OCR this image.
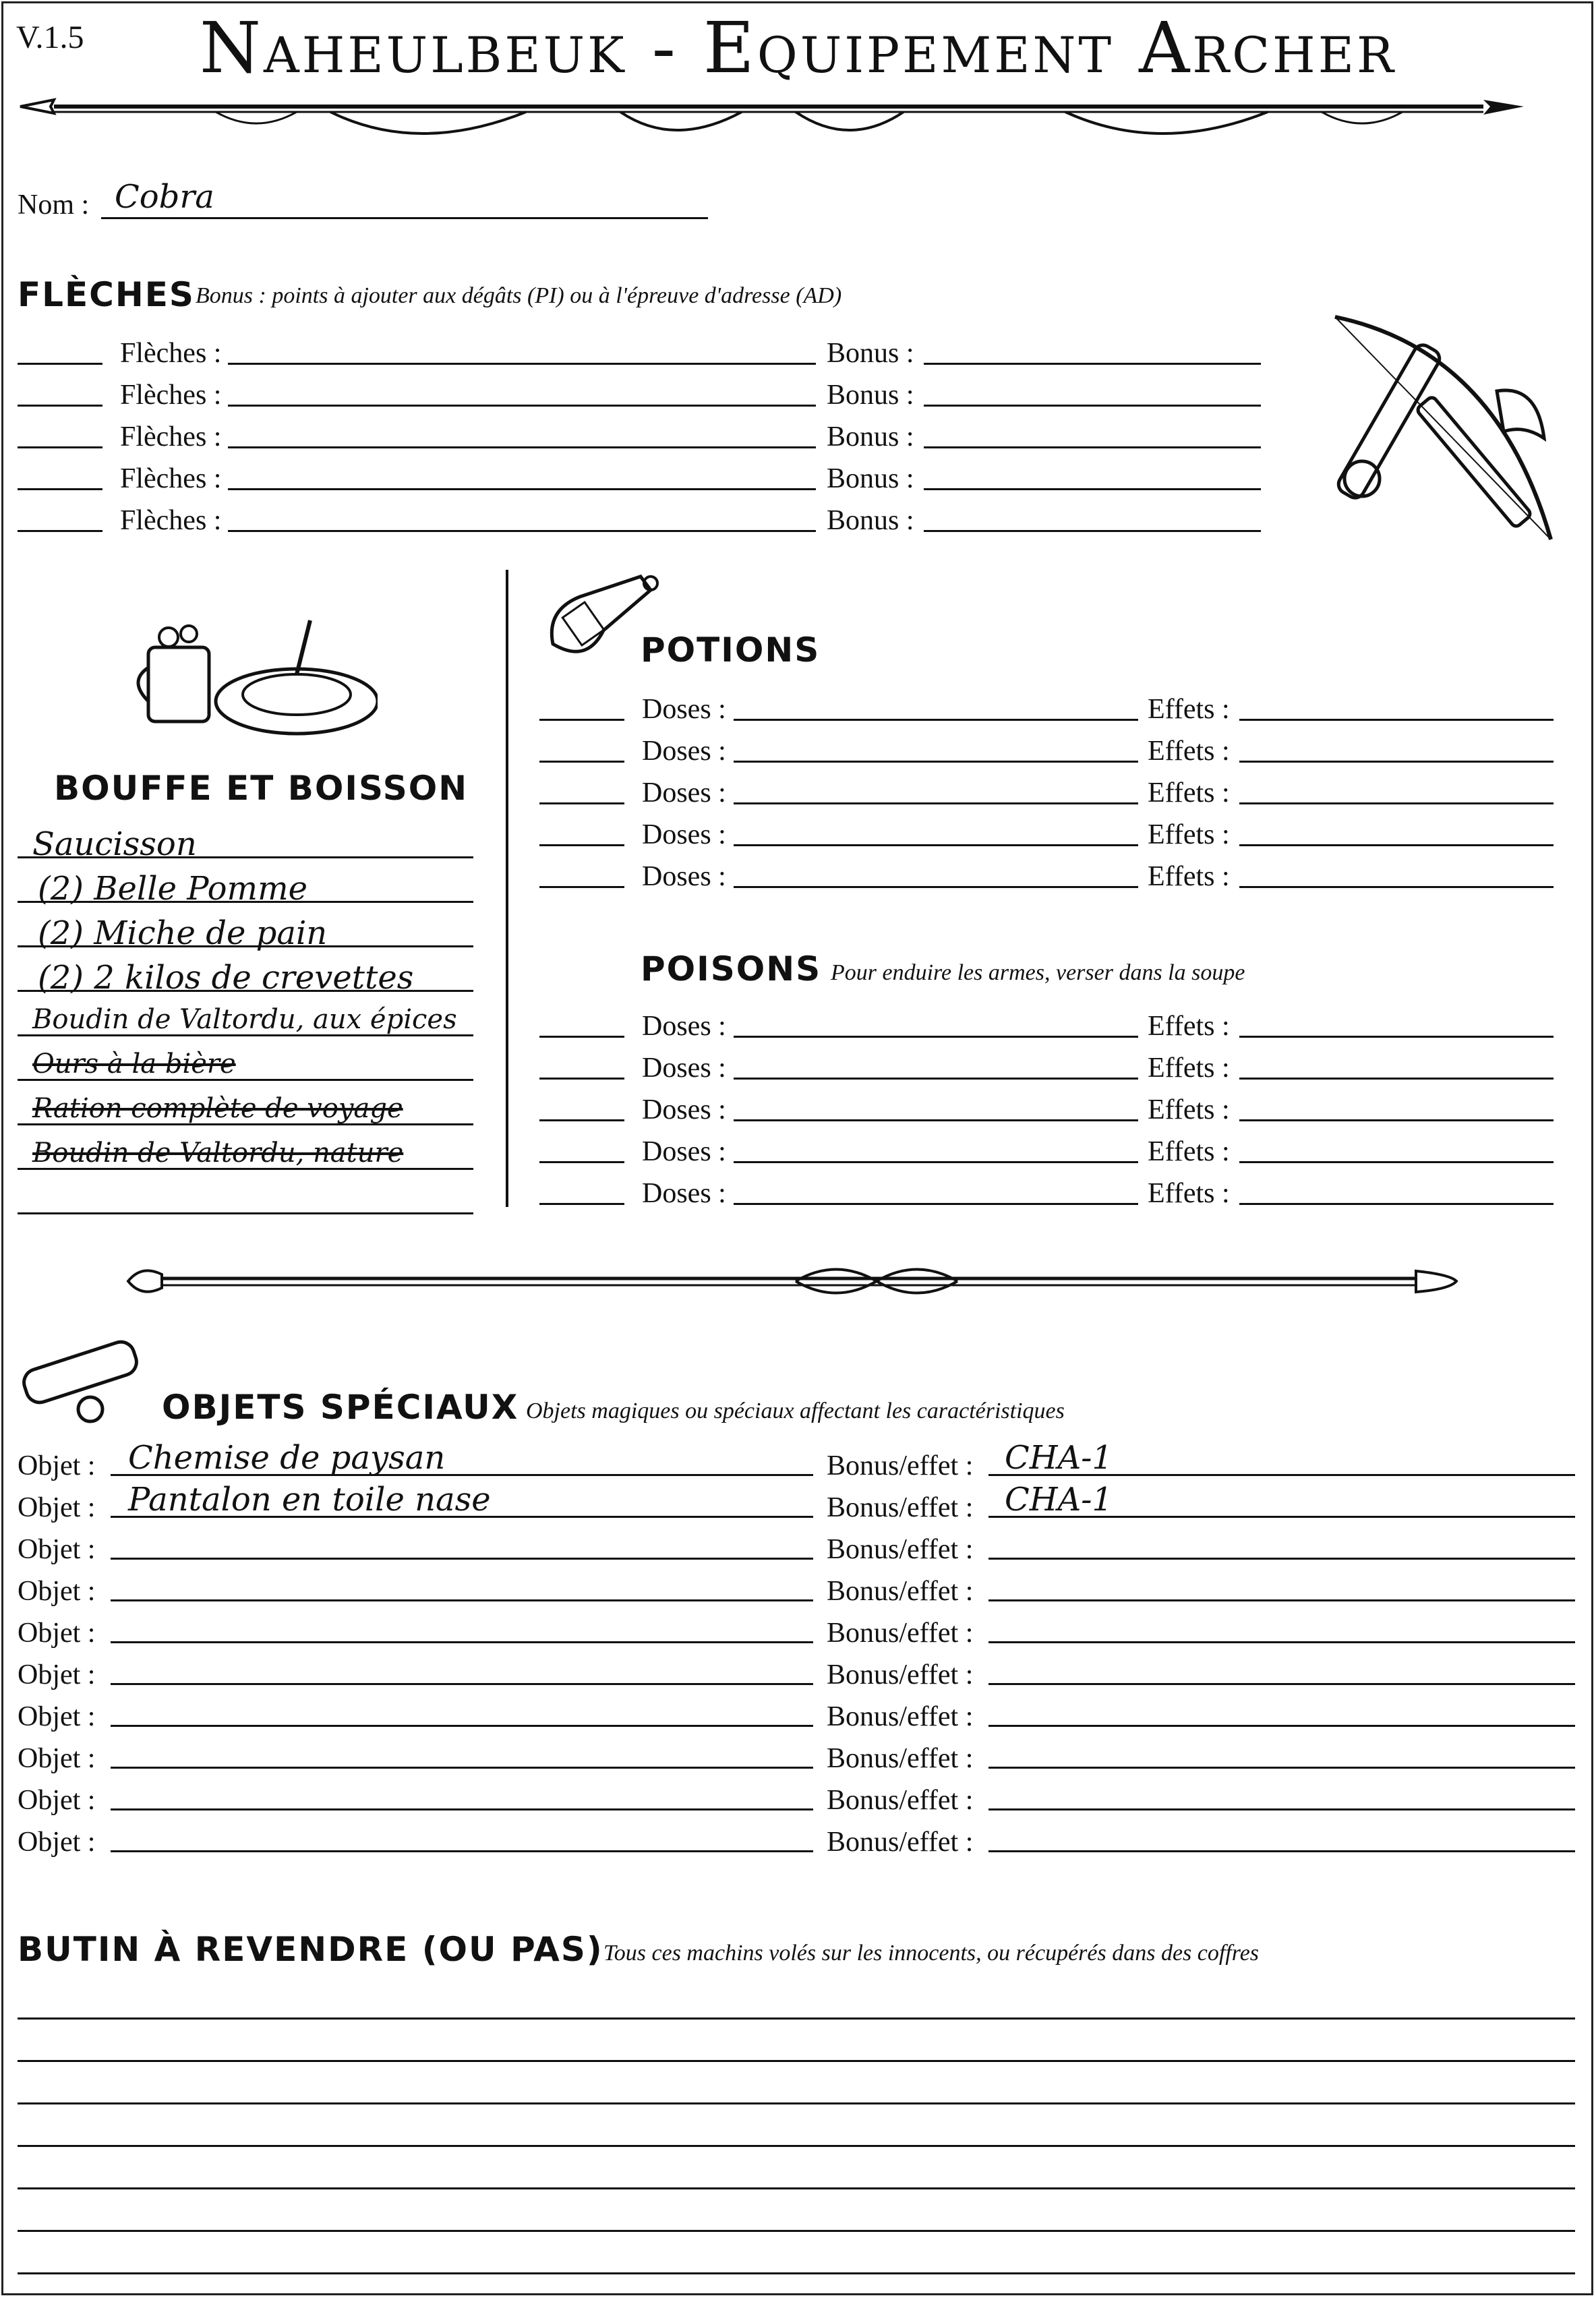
V.1.5	Naheulbeuk - Equipement Archer
Nom : Cobra
FLÈCHES Bonus : points à ajouter aux dégâts (PI) ou à l'épreuve d'adresse (AD)
Flèches :	Bonus :
Flèches :	Bonus :
Flèches :	Bonus :
Flèches :	Bonus :
Flèches :	Bonus :
BOUFFE ET BOISSON
Saucisson
(2) Belle Pomme
(2) Miche de pain
(2) 2 kilos de crevettes
Boudin de Valtordu, aux épices
Ours à la bière
Ration complète de voyage
Boudin de Valtordu, nature
POTIONS
Doses :	Effets :
Doses :	Effets :
Doses :	Effets :
Doses :	Effets :
Doses :	Effets :
POISONS Pour enduire les armes, verser dans la soupe
Doses :	Effets :
Doses :	Effets :
Doses :	Effets :
Doses :	Effets :
Doses :	Effets :
OBJETS SPÉCIAUX Objets magiques ou spéciaux affectant les caractéristiques
Objet : Chemise de paysan	Bonus/effet : CHA-1
Objet : Pantalon en toile nase	Bonus/effet : CHA-1
Objet :	Bonus/effet :
Objet :	Bonus/effet :
Objet :	Bonus/effet :
Objet :	Bonus/effet :
Objet :	Bonus/effet :
Objet :	Bonus/effet :
Objet :	Bonus/effet :
Objet :	Bonus/effet :
BUTIN À REVENDRE (OU PAS) Tous ces machins volés sur les innocents, ou récupérés dans des coffres
